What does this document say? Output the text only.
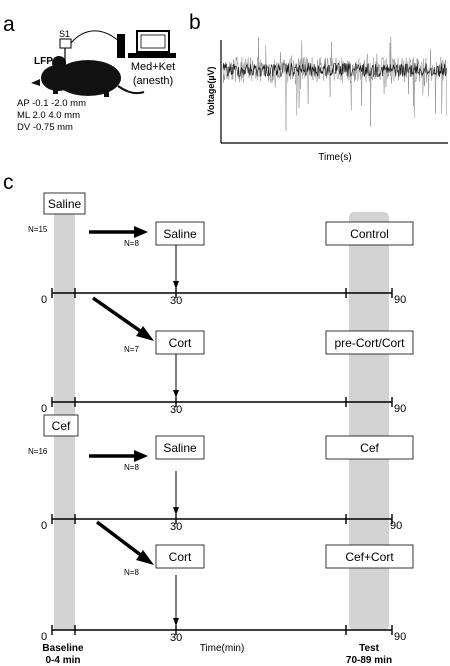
a	S1
LFP	Med+Ket
(anesth)
AP -0.1 -2.0 mm
ML 2.0 4.0 mm
DV -0.75 mm
b
Voltage(µV)
Time(s)
c
Saline
N=15
N=8
Saline	Control
0	30	90
N=7 Cort	pre-Cort/Cort
0	30	90
Cef
N=16
N=8
Saline	Cef
0	30	90
N=8
Cort	Cef+Cort
0	30	90
Baseline
0-4 min
Time(min)	Test
70-89 min
